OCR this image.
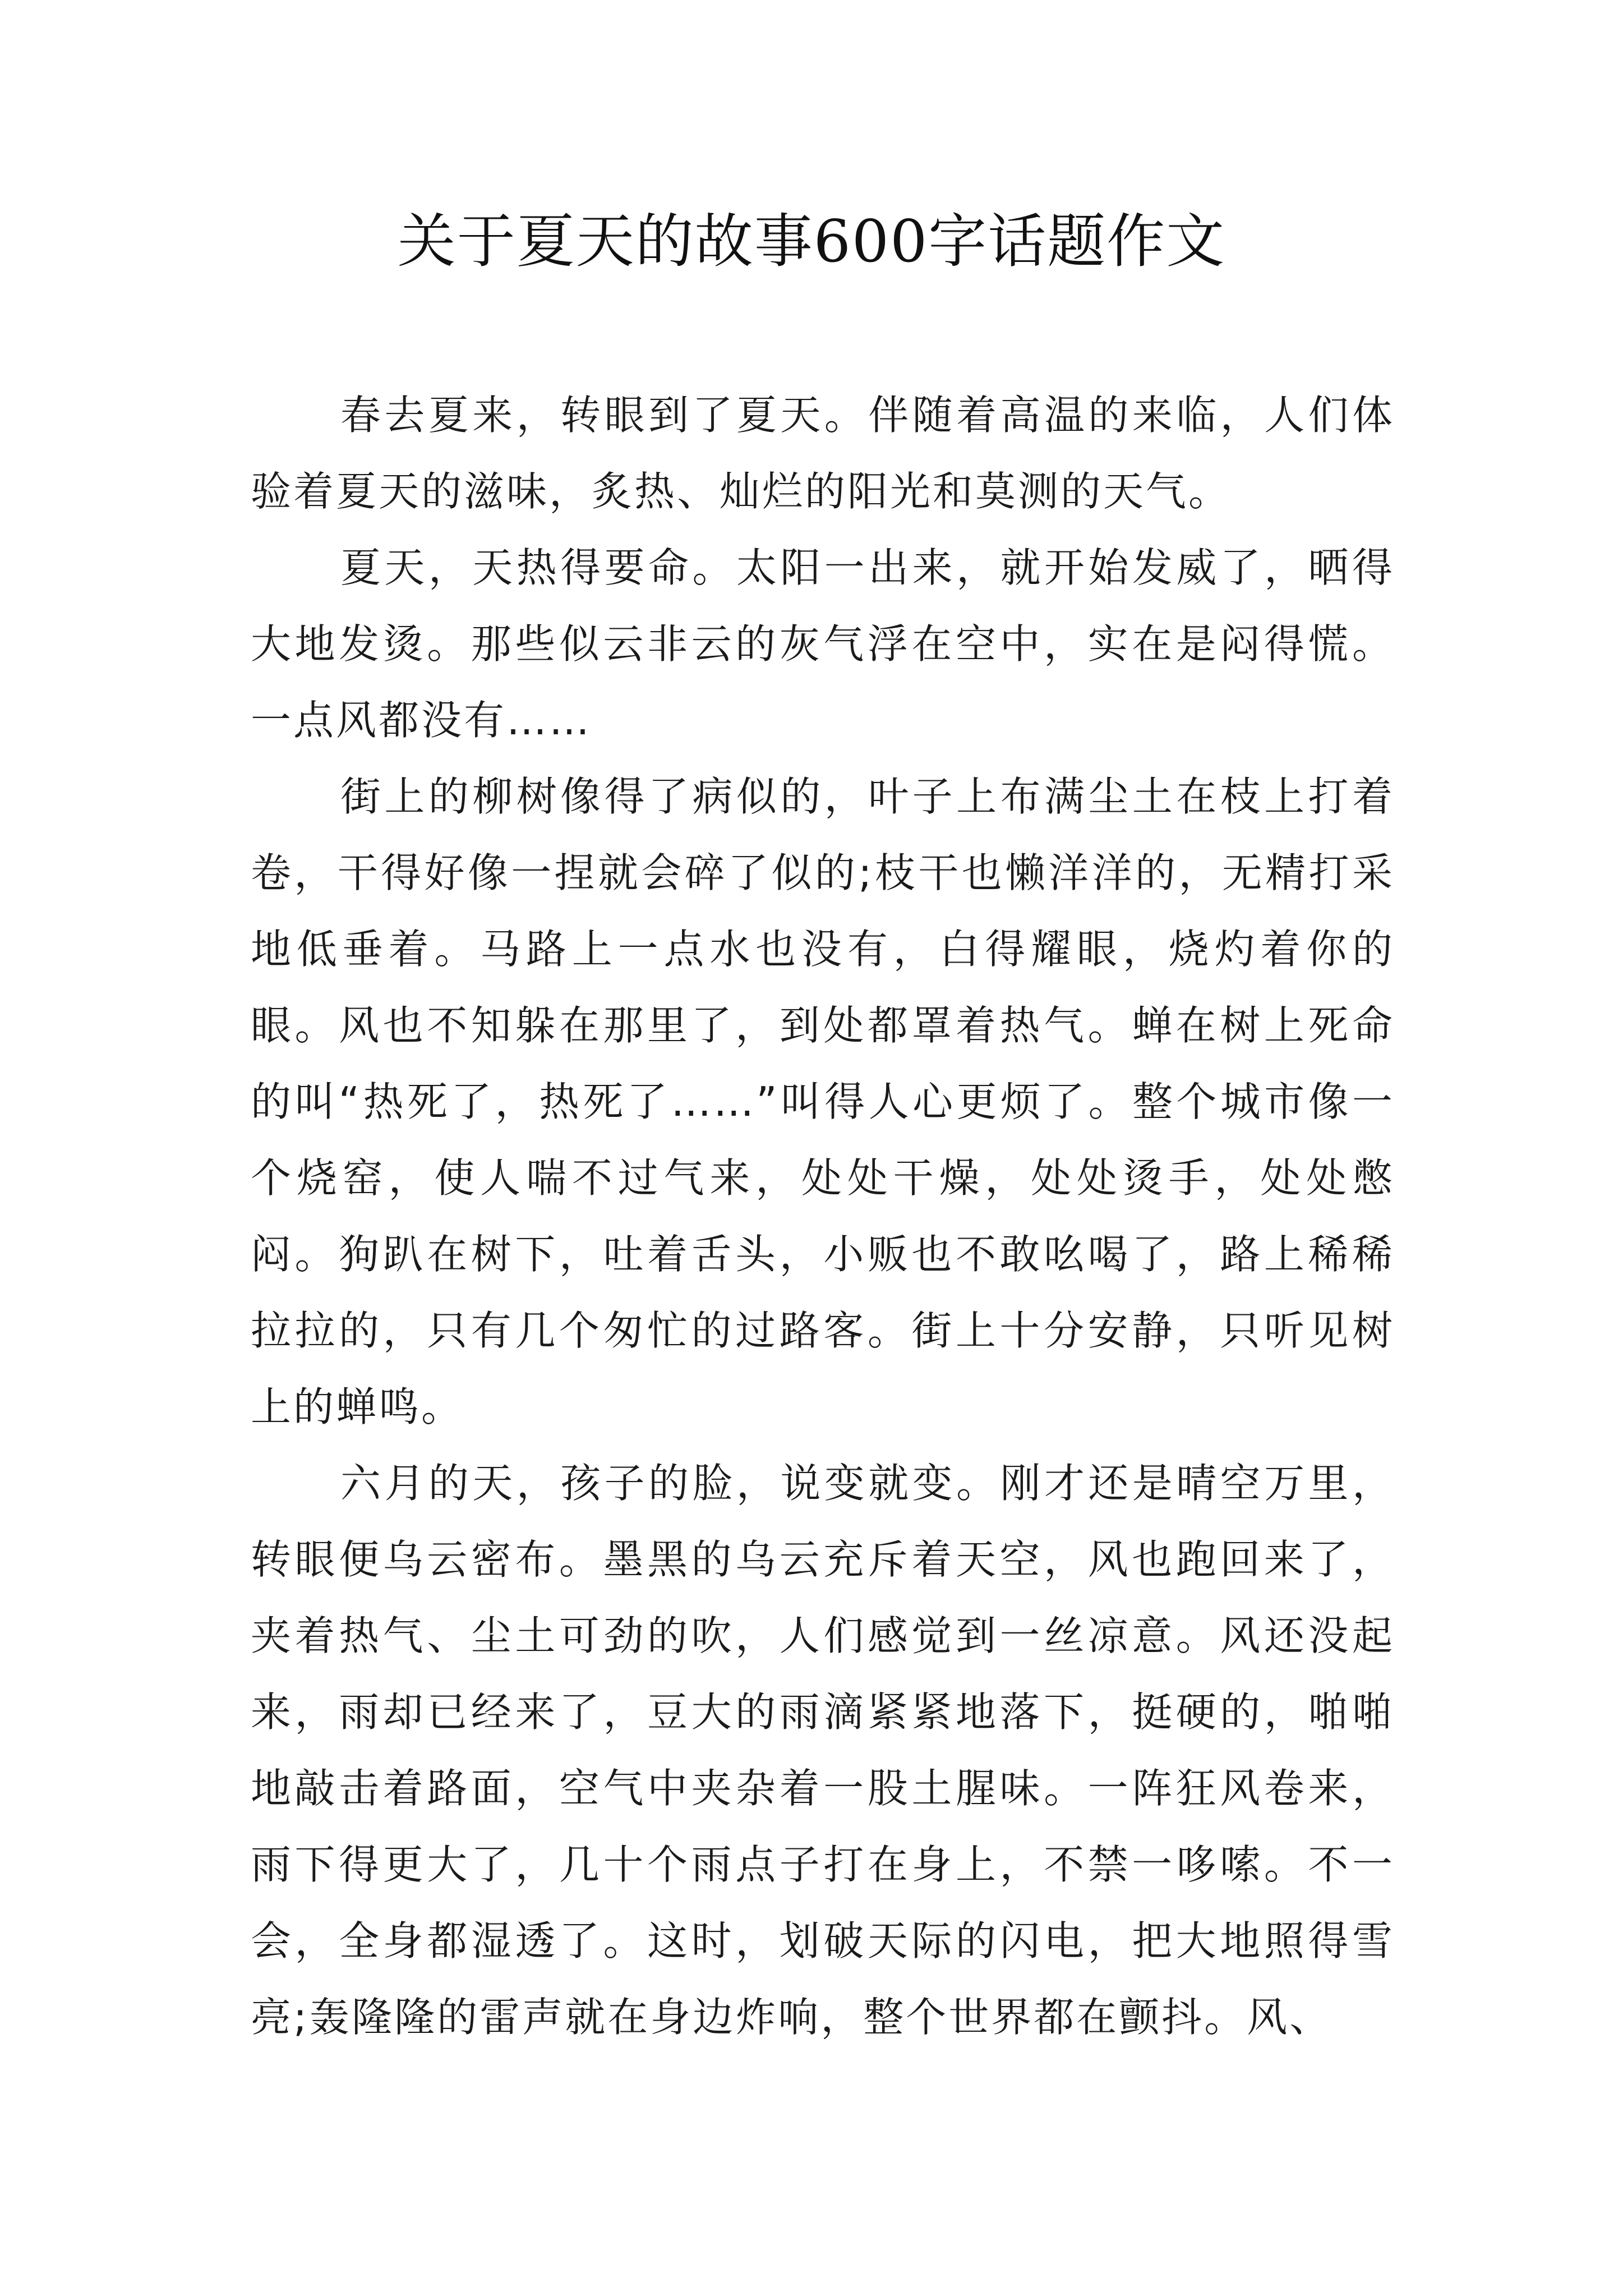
关于夏天的故事600字话题作文

春去夏来，转眼到了夏天。伴随着高温的来临，人们体验着夏天的滋味，炙热、灿烂的阳光和莫测的天气。

夏天，天热得要命。太阳一出来，就开始发威了，晒得大地发烫。那些似云非云的灰气浮在空中，实在是闷得慌。一点风都没有……

街上的柳树像得了病似的，叶子上布满尘土在枝上打着卷，干得好像一捏就会碎了似的;枝干也懒洋洋的，无精打采地低垂着。马路上一点水也没有，白得耀眼，烧灼着你的眼。风也不知躲在那里了，到处都罩着热气。蝉在树上死命的叫“热死了，热死了……”叫得人心更烦了。整个城市像一个烧窑，使人喘不过气来，处处干燥，处处烫手，处处憋闷。狗趴在树下，吐着舌头，小贩也不敢吆喝了，路上稀稀拉拉的，只有几个匆忙的过路客。街上十分安静，只听见树上的蝉鸣。

六月的天，孩子的脸，说变就变。刚才还是晴空万里，转眼便乌云密布。墨黑的乌云充斥着天空，风也跑回来了，夹着热气、尘土可劲的吹，人们感觉到一丝凉意。风还没起来，雨却已经来了，豆大的雨滴紧紧地落下，挺硬的，啪啪地敲击着路面，空气中夹杂着一股土腥味。一阵狂风卷来，雨下得更大了，几十个雨点子打在身上，不禁一哆嗦。不一会，全身都湿透了。这时，划破天际的闪电，把大地照得雪亮;轰隆隆的雷声就在身边炸响，整个世界都在颤抖。风、
